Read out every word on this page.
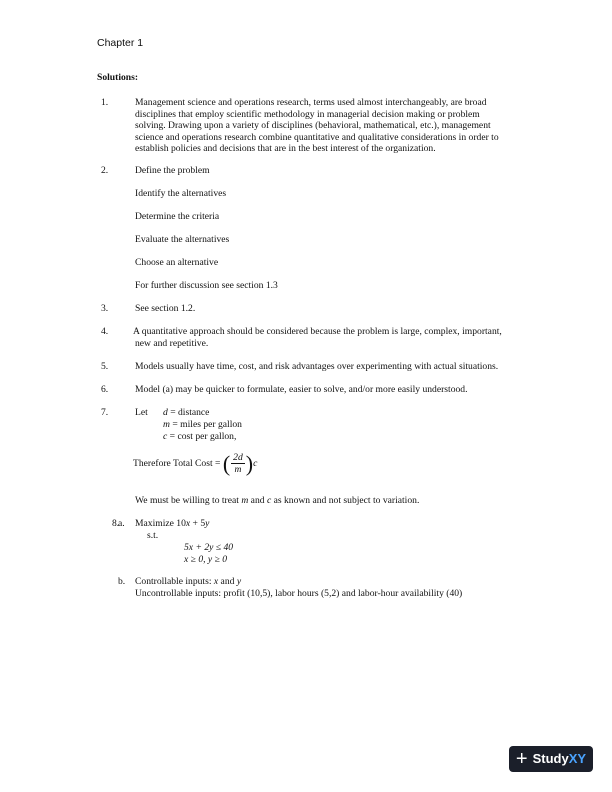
Chapter 1
Solutions:
1.	Management science and operations research, terms used almost interchangeably, are broad
disciplines that employ scientific methodology in managerial decision making or problem
solving. Drawing upon a variety of disciplines (behavioral, mathematical, etc.), management
science and operations research combine quantitative and qualitative considerations in order to
establish policies and decisions that are in the best interest of the organization.
2.	Define the problem
Identify the alternatives
Determine the criteria
Evaluate the alternatives
Choose an alternative
For further discussion see section 1.3
3.	See section 1.2.
4.	A quantitative approach should be considered because the problem is large, complex, important,
new and repetitive.
5.	Models usually have time, cost, and risk advantages over experimenting with actual situations.
6.	Model (a) may be quicker to formulate, easier to solve, and/or more easily understood.
7.	Let d = distance
m = miles per gallon
c = cost per gallon,
Therefore Total Cost = ( $\frac{2d}{m} )c$
We must be willing to treat m and c as known and not subject to variation.
8.
a. Maximize 10x + 5y
s.t.
5x + 2y ≤ 40
x ≥ 0, y ≥ 0
b. Controllable inputs: x and y
Uncontrollable inputs: profit (10,5), labor hours (5,2) and labor-hour availability (40)
+ StudyXY
